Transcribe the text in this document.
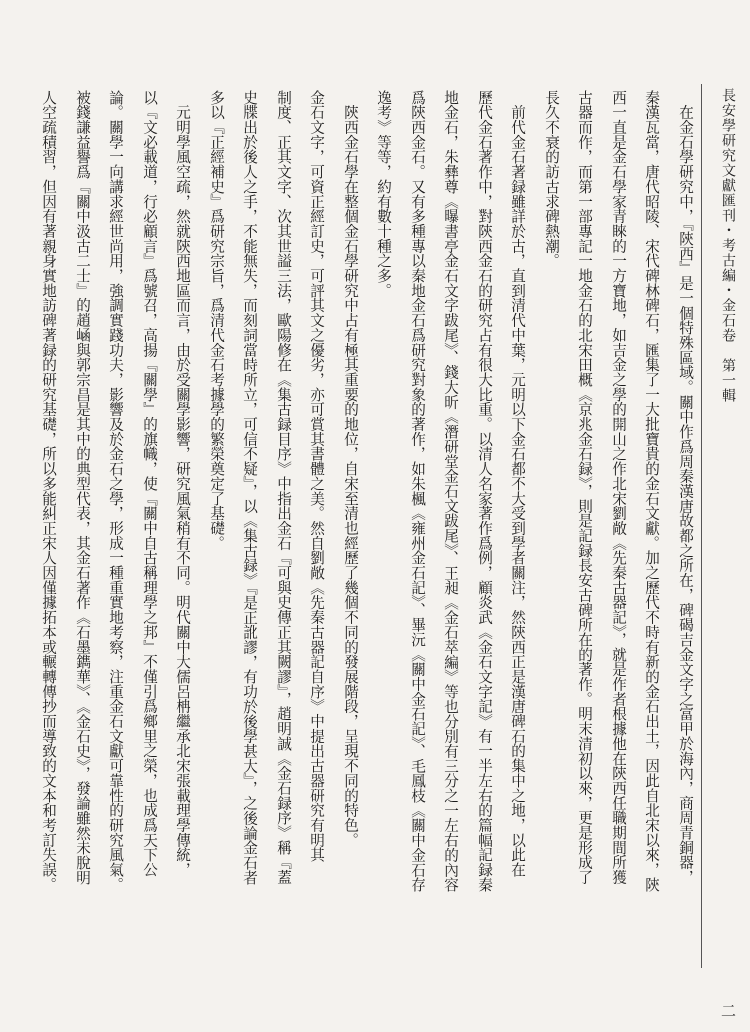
長安學研究文獻匯刊・考古編・金石卷　第一輯
二
　在金石學研究中，『陝西』是一個特殊區域。關中作爲周秦漢唐故都之所在，碑碣吉金文字之富甲於海內，商周青銅器，
秦漢瓦當，唐代昭陵、宋代碑林碑石，匯集了一大批寶貴的金石文獻。加之歷代不時有新的金石出土，因此自北宋以來，陝
西一直是金石學家青睞的一方寶地，如吉金之學的開山之作北宋劉敞《先秦古器記》，就是作者根據他在陝西任職期間所獲
古器而作，而第一部專記一地金石的北宋田概《京兆金石録》，則是記録長安古碑所在的著作。明末清初以來，更是形成了
長久不衰的訪古求碑熱潮。
　前代金石著録雖詳於古，直到清代中葉，元明以下金石都不大受到學者關注，然陝西正是漢唐碑石的集中之地，以此在
歷代金石著作中，對陝西金石的研究占有很大比重。以清人名家著作爲例，顧炎武《金石文字記》有一半左右的篇幅記録秦
地金石，朱彝尊《曝書亭金石文字跋尾》、錢大昕《潛研堂金石文跋尾》、王昶《金石萃編》等也分別有三分之一左右的內容
爲陝西金石。又有多種專以秦地金石爲研究對象的著作，如朱楓《雍州金石記》、畢沅《關中金石記》、毛鳳枝《關中金石存
逸考》等等，約有數十種之多。
　陝西金石學在整個金石學研究中占有極其重要的地位，自宋至清也經歷了幾個不同的發展階段，呈現不同的特色。
金石文字，可資正經訂史，可評其文之優劣，亦可賞其書體之美。然自劉敞《先秦古器記自序》中提出古器研究有明其
制度、正其文字、次其世謚三法，歐陽修在《集古録目序》中指出金石『可與史傳正其闕謬』，趙明誠《金石録序》稱『蓋
史牒出於後人之手，不能無失，而刻詞當時所立，可信不疑』，以《集古録》『是正訛謬，有功於後學甚大』，之後論金石者
多以『正經補史』爲研究宗旨，爲清代金石考據學的繁榮奠定了基礎。
　元明學風空疏，然就陝西地區而言，由於受關學影響，研究風氣稍有不同。明代關中大儒呂柟繼承北宋張載理學傳統，
以『文必載道，行必顧言』爲號召，高揚『關學』的旗幟，使『關中自古稱理學之邦』不僅引爲鄉里之榮，也成爲天下公
論。關學一向講求經世尚用，強調實踐功夫，影響及於金石之學，形成一種重實地考察，注重金石文獻可靠性的研究風氣。
被錢謙益譽爲『關中汲古二士』的趙崡與郭宗昌是其中的典型代表，其金石著作《石墨鐫華》、《金石史》，發論雖然未脫明
人空疏積習，但因有著親身實地訪碑著録的研究基礎，所以多能糾正宋人因僅據拓本或輾轉傳抄而導致的文本和考訂失誤。
